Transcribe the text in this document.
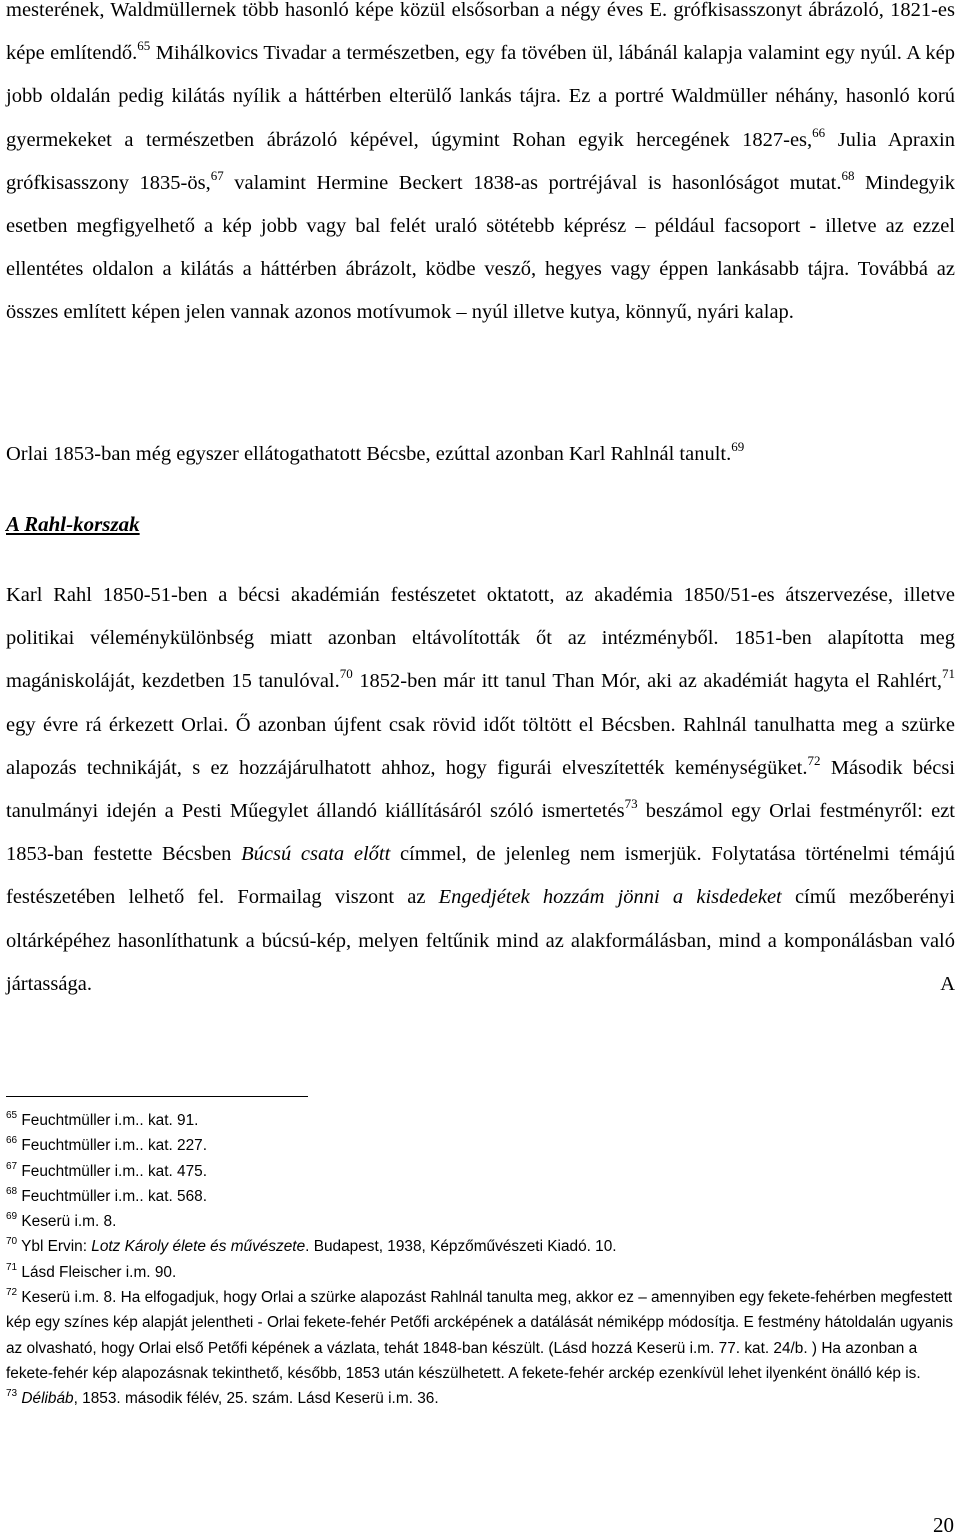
mesterének, Waldmüllernek több hasonló képe közül elsősorban a négy éves E. grófkisasszonyt ábrázoló, 1821-es képe említendő.$^{65}$ Mihálkovics Tivadar a természetben, egy fa tövében ül, lábánál kalapja valamint egy nyúl. A kép jobb oldalán pedig kilátás nyílik a háttérben elterülő lankás tájra. Ez a portré Waldmüller néhány, hasonló korú gyermekeket a természetben ábrázoló képével, úgymint Rohan egyik hercegének 1827-es,$^{66}$ Julia Apraxin grófkisasszony 1835-ös,$^{67}$ valamint Hermine Beckert 1838-as portréjával is hasonlóságot mutat.$^{68}$ Mindegyik esetben megfigyelhető a kép jobb vagy bal felét uraló sötétebb képrész – például facsoport - illetve az ezzel ellentétes oldalon a kilátás a háttérben ábrázolt, ködbe vesző, hegyes vagy éppen lankásabb tájra. Továbbá az összes említett képen jelen vannak azonos motívumok – nyúl illetve kutya, könnyű, nyári kalap.

Orlai 1853-ban még egyszer ellátogathatott Bécsbe, ezúttal azonban Karl Rahlnál tanult.$^{69}$
A Rahl-korszak

Karl Rahl 1850-51-ben a bécsi akadémián festészetet oktatott, az akadémia 1850/51-es átszervezése, illetve politikai véleménykülönbség miatt azonban eltávolították őt az intézményből. 1851-ben alapította meg magániskoláját, kezdetben 15 tanulóval.$^{70}$ 1852-ben már itt tanul Than Mór, aki az akadémiát hagyta el Rahlért,$^{71}$ egy évre rá érkezett Orlai. Ő azonban újfent csak rövid időt töltött el Bécsben. Rahlnál tanulhatta meg a szürke alapozás technikáját, s ez hozzájárulhatott ahhoz, hogy figurái elveszítették keménységüket.$^{72}$ Második bécsi tanulmányi idején a Pesti Műegylet állandó kiállításáról szóló ismertetés$^{73}$ beszámol egy Orlai festményről: ezt 1853-ban festette Bécsben Búcsú csata előtt címmel, de jelenleg nem ismerjük. Folytatása történelmi témájú festészetében lelhető fel. Formailag viszont az Engedjétek hozzám jönni a kisdedeket című mezőberényi oltárképéhez hasonlíthatunk a búcsú-kép, melyen feltűnik mind az alakformálásban, mind a komponálásban való jártassága. A

$^{65}$ Feuchtmüller i.m.. kat. 91.

$^{66}$ Feuchtmüller i.m.. kat. 227.

$^{67}$ Feuchtmüller i.m.. kat. 475.

$^{68}$ Feuchtmüller i.m.. kat. 568.

$^{69}$ Keserü i.m. 8.

$^{70}$ Ybl Ervin: Lotz Károly élete és művészete. Budapest, 1938, Képzőművészeti Kiadó. 10.

$^{71}$ Lásd Fleischer i.m. 90.

$^{72}$ Keserü i.m. 8. Ha elfogadjuk, hogy Orlai a szürke alapozást Rahlnál tanulta meg, akkor ez – amennyiben egy fekete-fehérben megfestett kép egy színes kép alapját jelentheti - Orlai fekete-fehér Petőfi arcképének a datálását némiképp módosítja. E festmény hátoldalán ugyanis az olvasható, hogy Orlai első Petőfi képének a vázlata, tehát 1848-ban készült. (Lásd hozzá Keserü i.m. 77. kat. 24/b. ) Ha azonban a fekete-fehér kép alapozásnak tekinthető, később, 1853 után készülhetett. A fekete-fehér arckép ezenkívül lehet ilyenként önálló kép is.

$^{73}$ Délibáb, 1853. második félév, 25. szám. Lásd Keserü i.m. 36.

20
